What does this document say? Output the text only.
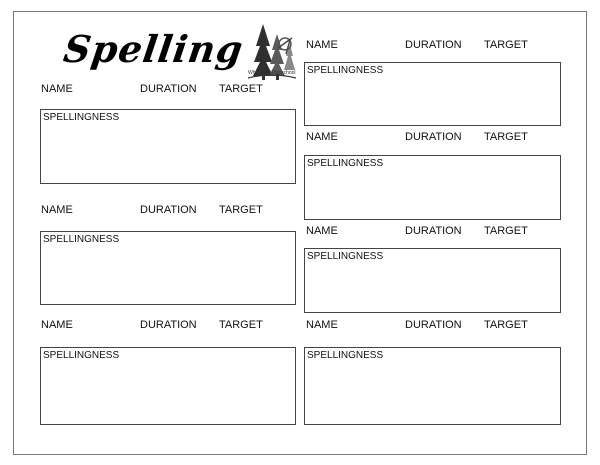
Spelling
Why Tuck Playschool
NAME	DURATION TARGET
SPELLINGNESS
NAME	DURATION TARGET
SPELLINGNESS
NAME	DURATION TARGET
SPELLINGNESS
NAME	DURATION TARGET
SPELLINGNESS
NAME	DURATION TARGET
SPELLINGNESS
NAME	DURATION TARGET
SPELLINGNESS
NAME	DURATION TARGET
SPELLINGNESS
